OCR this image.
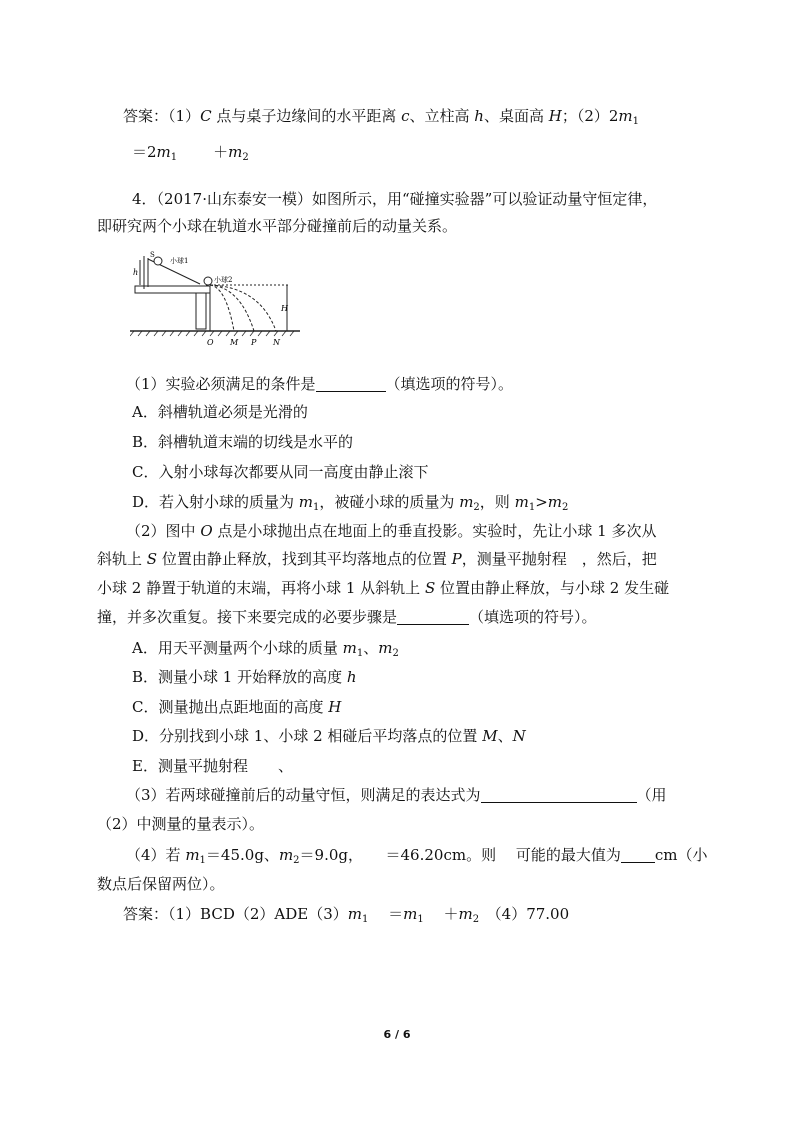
答案：（1）C 点与桌子边缘间的水平距离 c、立柱高 h、桌面高 H；$(2)2m_1$
$=2m_1 +m_2$
4．（2017·山东泰安一模）如图所示，用“碰撞实验器”可以验证动量守恒定律，
即研究两个小球在轨道水平部分碰撞前后的动量关系。
S
小球1
小球2
h
H
O M P N
（1）实验必须满足的条件是	（填选项的符号）。
A．斜槽轨道必须是光滑的
B．斜槽轨道末端的切线是水平的
C．入射小球每次都要从同一高度由静止滚下
D．若入射小球的质量为 $m_1$，被碰小球的质量为 $m_2$，则 $m_1>m_2$
（2）图中 O 点是小球抛出点在地面上的垂直投影。实验时，先让小球 1 多次从
斜轨上 S 位置由静止释放，找到其平均落地点的位置 P，测量平抛射程　，然后，把
小球 2 静置于轨道的末端，再将小球 1 从斜轨上 S 位置由静止释放，与小球 2 发生碰
撞，并多次重复。接下来要完成的必要步骤是	（填选项的符号）。
A．用天平测量两个小球的质量 $m_1$、$m_2$
B．测量小球 1 开始释放的高度 h
C．测量抛出点距地面的高度 H
D．分别找到小球 1、小球 2 相碰后平均落点的位置 M、N
E．测量平抛射程　　、
（3）若两球碰撞前后的动量守恒，则满足的表达式为	（用
（2）中测量的量表示）。
（4）若 $m_1=45.0g$、$m_2=9.0g$，　　＝46.20cm。则　 可能的最大值为 cm（小
数点后保留两位）。
答案：$(1)BCD(2)ADE(3)m_1$　 $=m_1$　 $+m_2$　（4）77.00
6 / 6
